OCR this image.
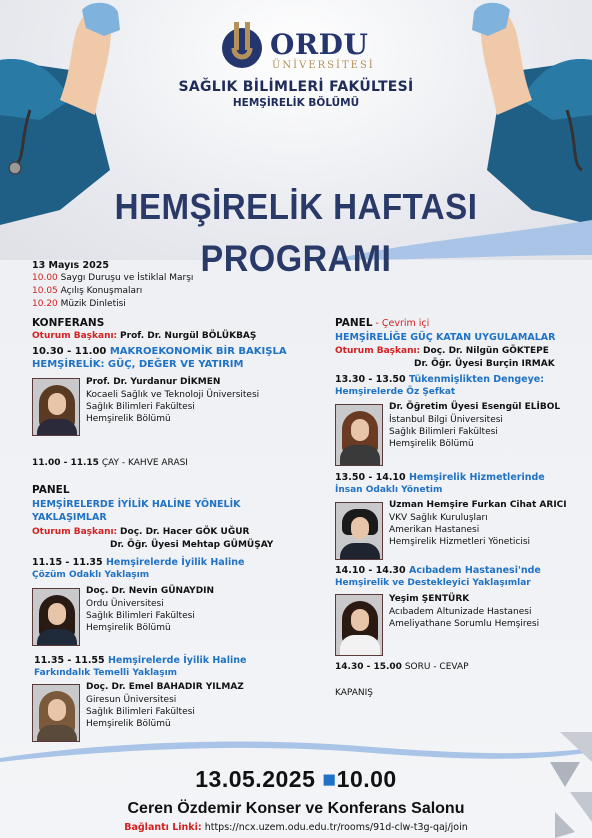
ORDU
ÜNİVERSİTESİ
SAĞLIK BİLİMLERİ FAKÜLTESİ
HEMŞİRELİK BÖLÜMÜ
HEMŞİRELİK HAFTASI
PROGRAMI
13 Mayıs 2025
10.00 Saygı Duruşu ve İstiklal Marşı
10.05 Açılış Konuşmaları
10.20 Müzik Dinletisi
KONFERANS
Oturum Başkanı: Prof. Dr. Nurgül BÖLÜKBAŞ
10.30 - 11.00 MAKROEKONOMİK BİR BAKIŞLA
HEMŞİRELİK: GÜÇ, DEĞER VE YATIRIM
Prof. Dr. Yurdanur DİKMEN
Kocaeli Sağlık ve Teknoloji Üniversitesi
Sağlık Bilimleri Fakültesi
Hemşirelik Bölümü
11.00 - 11.15 ÇAY - KAHVE ARASI
PANEL
HEMŞİRELERDE İYİLİK HALİNE YÖNELİK
YAKLAŞIMLAR
Oturum Başkanı: Doç. Dr. Hacer GÖK UĞUR
Dr. Öğr. Üyesi Mehtap GÜMÜŞAY
11.15 - 11.35 Hemşirelerde İyilik Haline
Çözüm Odaklı Yaklaşım
Doç. Dr. Nevin GÜNAYDIN
Ordu Üniversitesi
Sağlık Bilimleri Fakültesi
Hemşirelik Bölümü
11.35 - 11.55 Hemşirelerde İyilik Haline
Farkındalık Temelli Yaklaşım
Doç. Dr. Emel BAHADIR YILMAZ
Giresun Üniversitesi
Sağlık Bilimleri Fakültesi
Hemşirelik Bölümü
PANEL - Çevrim içi
HEMŞİRELİĞE GÜÇ KATAN UYGULAMALAR
Oturum Başkanı: Doç. Dr. Nilgün GÖKTEPE
Dr. Öğr. Üyesi Burçin IRMAK
13.30 - 13.50 Tükenmişlikten Dengeye:
Hemşirelerde Öz Şefkat
Dr. Öğretim Üyesi Esengül ELİBOL
İstanbul Bilgi Üniversitesi
Sağlık Bilimleri Fakültesi
Hemşirelik Bölümü
13.50 - 14.10 Hemşirelik Hizmetlerinde
İnsan Odaklı Yönetim
Uzman Hemşire Furkan Cihat ARICI
VKV Sağlık Kuruluşları
Amerikan Hastanesi
Hemşirelik Hizmetleri Yöneticisi
14.10 - 14.30 Acıbadem Hastanesi'nde
Hemşirelik ve Destekleyici Yaklaşımlar
Yeşim ŞENTÜRK
Acıbadem Altunizade Hastanesi
Ameliyathane Sorumlu Hemşiresi
14.30 - 15.00 SORU - CEVAP
KAPANIŞ
13.05.2025 ■10.00
Ceren Özdemir Konser ve Konferans Salonu
Bağlantı Linki: https://ncx.uzem.odu.edu.tr/rooms/91d-clw-t3g-qaj/join
